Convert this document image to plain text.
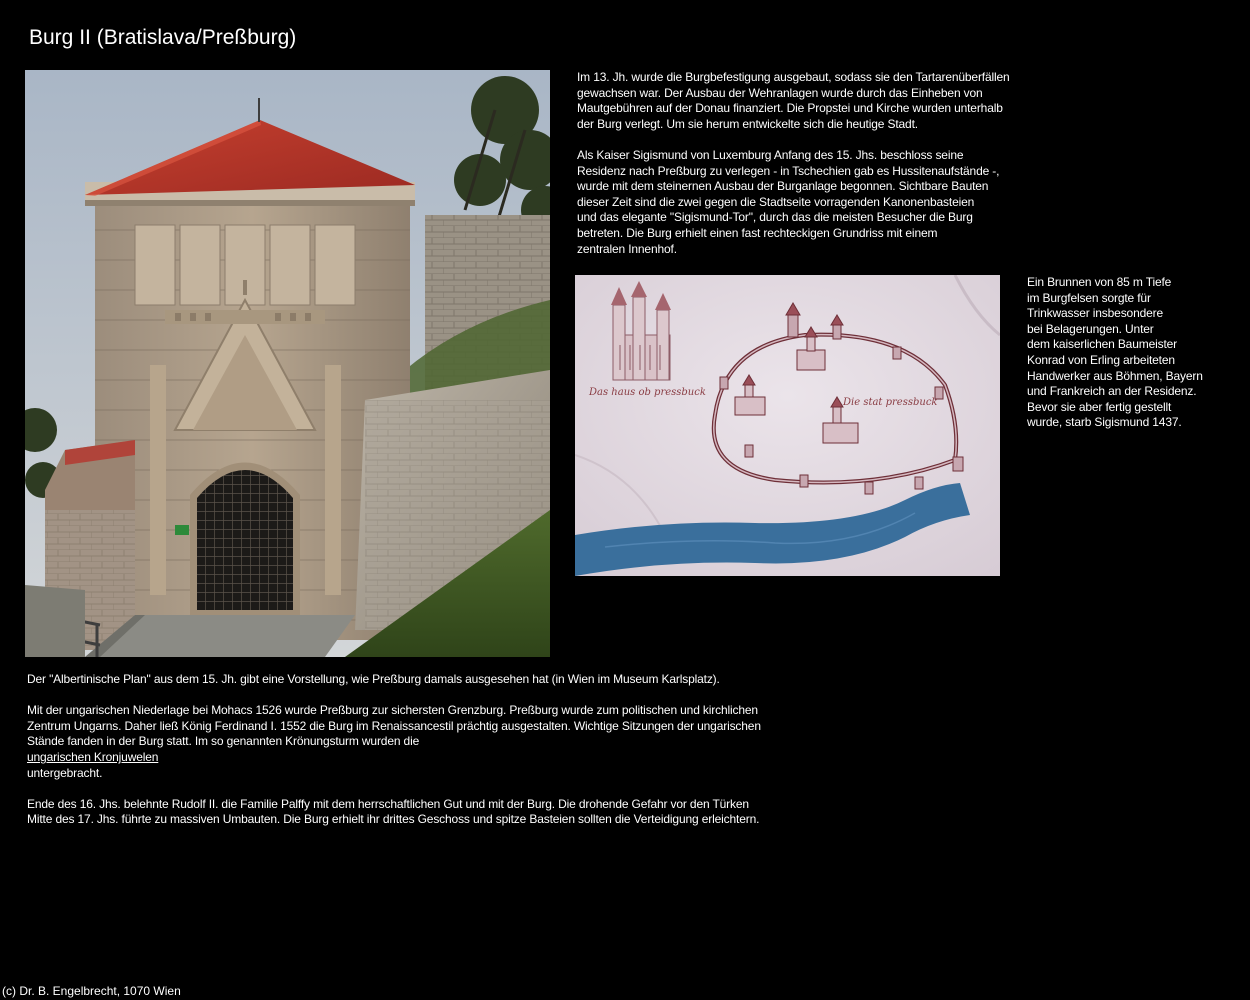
Burg II (Bratislava/Preßburg)

Im 13. Jh. wurde die Burgbefestigung ausgebaut, sodass sie den Tartarenüberfällen
gewachsen war. Der Ausbau der Wehranlagen wurde durch das Einheben von
Mautgebühren auf der Donau finanziert. Die Propstei und Kirche wurden unterhalb
der Burg verlegt. Um sie herum entwickelte sich die heutige Stadt.

Als Kaiser Sigismund von Luxemburg Anfang des 15. Jhs. beschloss seine
Residenz nach Preßburg zu verlegen - in Tschechien gab es Hussitenaufstände -,
wurde mit dem steinernen Ausbau der Burganlage begonnen. Sichtbare Bauten
dieser Zeit sind die zwei gegen die Stadtseite vorragenden Kanonenbasteien
und das elegante "Sigismund-Tor", durch das die meisten Besucher die Burg
betreten. Die Burg erhielt einen fast rechteckigen Grundriss mit einem
zentralen Innenhof.

Das haus ob pressbuck
Die stat pressbuck
Ein Brunnen von 85 m Tiefe
im Burgfelsen sorgte für
Trinkwasser insbesondere
bei Belagerungen. Unter
dem kaiserlichen Baumeister
Konrad von Erling arbeiteten
Handwerker aus Böhmen, Bayern
und Frankreich an der Residenz.
Bevor sie aber fertig gestellt
wurde, starb Sigismund 1437.

Der "Albertinische Plan" aus dem 15. Jh. gibt eine Vorstellung, wie Preßburg damals ausgesehen hat (in Wien im Museum Karlsplatz).

Mit der ungarischen Niederlage bei Mohacs 1526 wurde Preßburg zur sichersten Grenzburg. Preßburg wurde zum politischen und kirchlichen
Zentrum Ungarns. Daher ließ König Ferdinand I. 1552 die Burg im Renaissancestil prächtig ausgestalten. Wichtige Sitzungen der ungarischen
Stände fanden in der Burg statt. Im so genannten Krönungsturm wurden die
ungarischen Kronjuwelen
untergebracht.

Ende des 16. Jhs. belehnte Rudolf II. die Familie Palffy mit dem herrschaftlichen Gut und mit der Burg. Die drohende Gefahr vor den Türken
Mitte des 17. Jhs. führte zu massiven Umbauten. Die Burg erhielt ihr drittes Geschoss und spitze Basteien sollten die Verteidigung erleichtern.

(c) Dr. B. Engelbrecht, 1070 Wien
